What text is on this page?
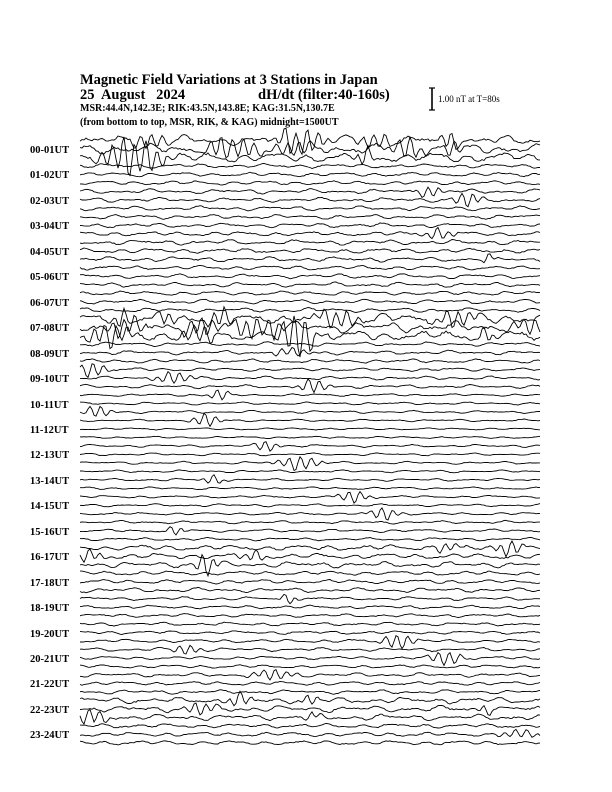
Magnetic Field Variations at 3 Stations in Japan
25  August   2024	dH/dt (filter:40-160s)
MSR:44.4N,142.3E; RIK:43.5N,143.8E; KAG:31.5N,130.7E
(from bottom to top, MSR, RIK, & KAG) midnight=1500UT
1.00 nT at T=80s
00-01UT
01-02UT
02-03UT
03-04UT
04-05UT
05-06UT
06-07UT
07-08UT
08-09UT
09-10UT
10-11UT
11-12UT
12-13UT
13-14UT
14-15UT
15-16UT
16-17UT
17-18UT
18-19UT
19-20UT
20-21UT
21-22UT
22-23UT
23-24UT
